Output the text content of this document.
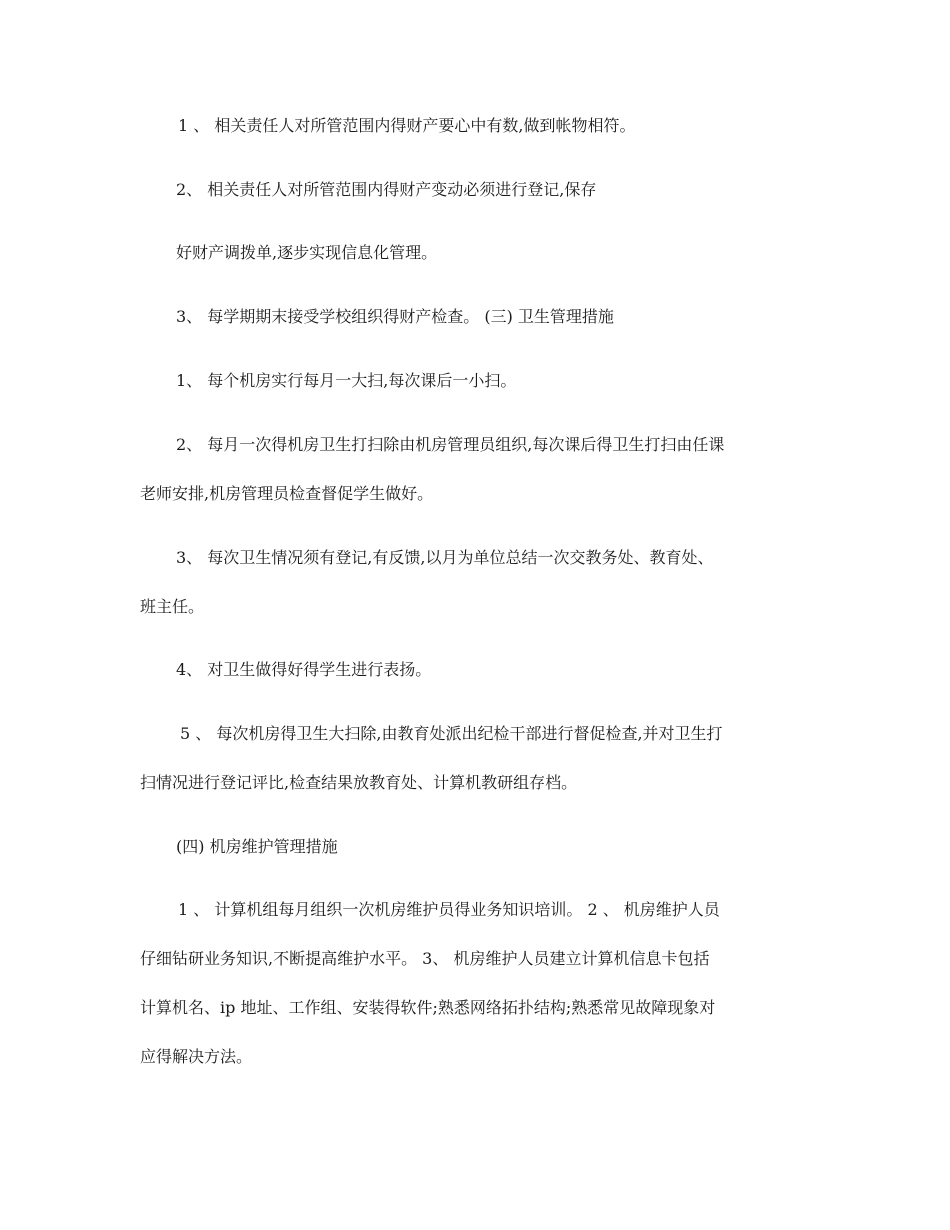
1 、 相关责任人对所管范围内得财产要心中有数,做到帐物相符。
2、 相关责任人对所管范围内得财产变动必须进行登记,保存
好财产调拨单,逐步实现信息化管理。
3、 每学期期末接受学校组织得财产检查。 (三) 卫生管理措施
1、 每个机房实行每月一大扫,每次课后一小扫。
2、 每月一次得机房卫生打扫除由机房管理员组织,每次课后得卫生打扫由任课
老师安排,机房管理员检查督促学生做好。
3、 每次卫生情况须有登记,有反馈,以月为单位总结一次交教务处、教育处、
班主任。
4、 对卫生做得好得学生进行表扬。
5 、 每次机房得卫生大扫除,由教育处派出纪检干部进行督促检查,并对卫生打
扫情况进行登记评比,检查结果放教育处、计算机教研组存档。
(四) 机房维护管理措施
1 、 计算机组每月组织一次机房维护员得业务知识培训。 2 、 机房维护人员
仔细钻研业务知识,不断提高维护水平。 3、 机房维护人员建立计算机信息卡包括
计算机名、ip 地址、工作组、安装得软件;熟悉网络拓扑结构;熟悉常见故障现象对
应得解决方法。
